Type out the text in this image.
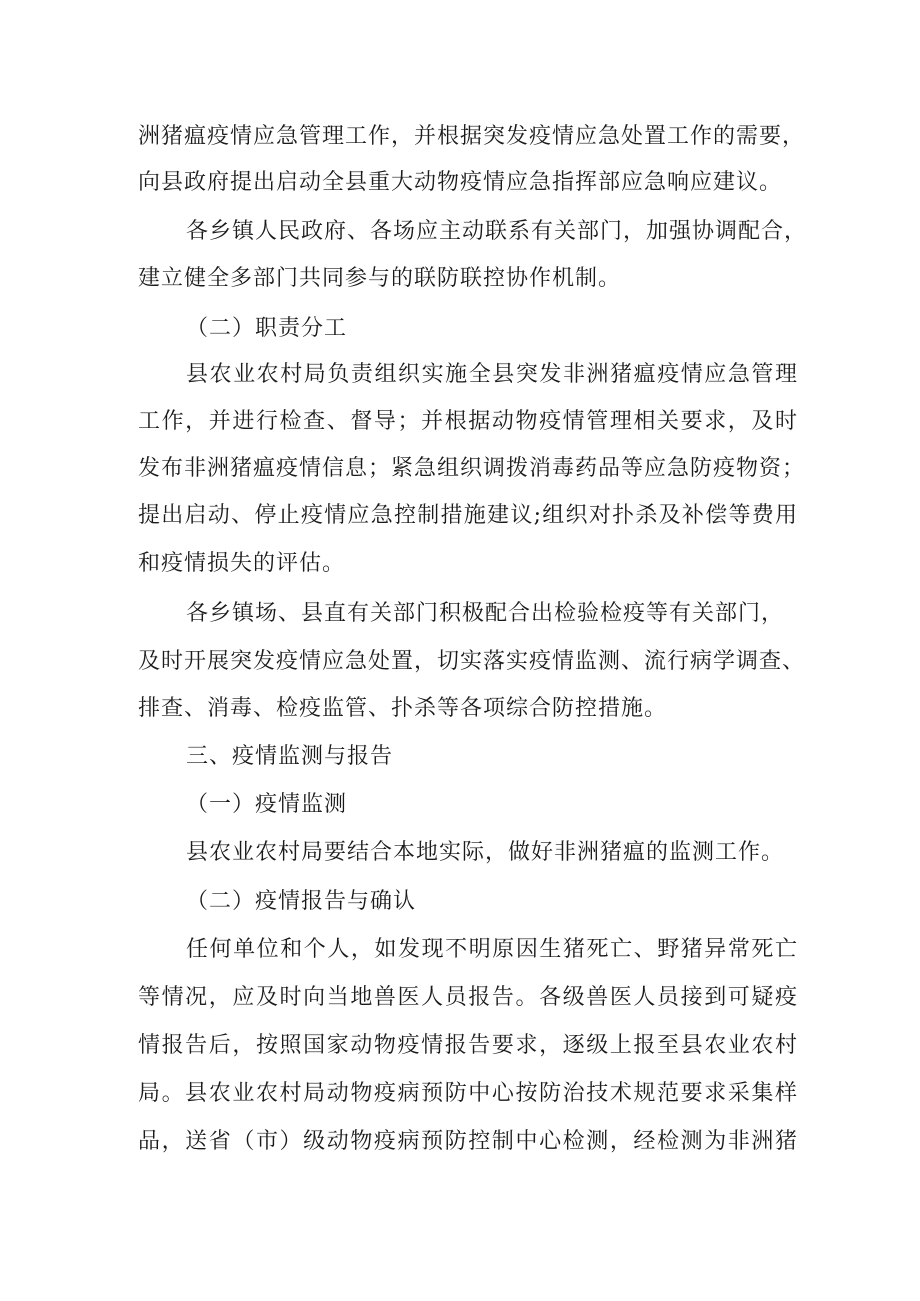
洲猪瘟疫情应急管理工作，并根据突发疫情应急处置工作的需要，
向县政府提出启动全县重大动物疫情应急指挥部应急响应建议。
各乡镇人民政府、各场应主动联系有关部门，加强协调配合，
建立健全多部门共同参与的联防联控协作机制。
（二）职责分工
县农业农村局负责组织实施全县突发非洲猪瘟疫情应急管理
工作，并进行检查、督导；并根据动物疫情管理相关要求，及时
发布非洲猪瘟疫情信息；紧急组织调拨消毒药品等应急防疫物资；
提出启动、停止疫情应急控制措施建议;组织对扑杀及补偿等费用
和疫情损失的评估。
各乡镇场、县直有关部门积极配合出检验检疫等有关部门，
及时开展突发疫情应急处置，切实落实疫情监测、流行病学调查、
排查、消毒、检疫监管、扑杀等各项综合防控措施。
三、疫情监测与报告
（一）疫情监测
县农业农村局要结合本地实际，做好非洲猪瘟的监测工作。
（二）疫情报告与确认
任何单位和个人，如发现不明原因生猪死亡、野猪异常死亡
等情况，应及时向当地兽医人员报告。各级兽医人员接到可疑疫
情报告后，按照国家动物疫情报告要求，逐级上报至县农业农村
局。县农业农村局动物疫病预防中心按防治技术规范要求采集样
品，送省（市）级动物疫病预防控制中心检测，经检测为非洲猪
